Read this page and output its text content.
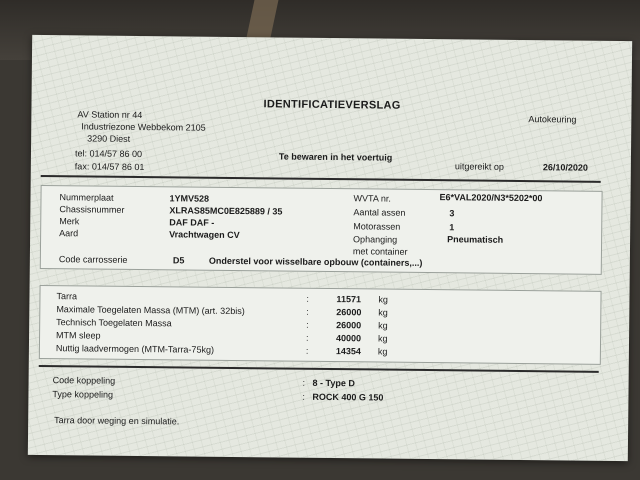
IDENTIFICATIEVERSLAG
AV Station nr 44
Industriezone Webbekom 2105
3290 Diest
tel: 014/57 86 00
fax: 014/57 86 01
Autokeuring
Te bewaren in het voertuig
uitgereikt op	26/10/2020
Nummerplaat	1YMV528
Chassisnummer	XLRAS85MC0E825889 / 35
Merk	DAF DAF -
Aard	Vrachtwagen CV
WVTA nr.	E6*VAL2020/N3*5202*00
Aantal assen	3
Motorassen	1
Ophanging	Pneumatisch
met container
Code carrosserie	D5	Onderstel voor wisselbare opbouw (containers,...)
Tarra	:	11571 kg
Maximale Toegelaten Massa (MTM) (art. 32bis)	:	26000 kg
Technisch Toegelaten Massa	:	26000 kg
MTM sleep	:	40000 kg
Nuttig laadvermogen (MTM-Tarra-75kg)	:	14354 kg
Code koppeling	: 8 - Type D
Type koppeling	: ROCK 400 G 150
Tarra door weging en simulatie.
